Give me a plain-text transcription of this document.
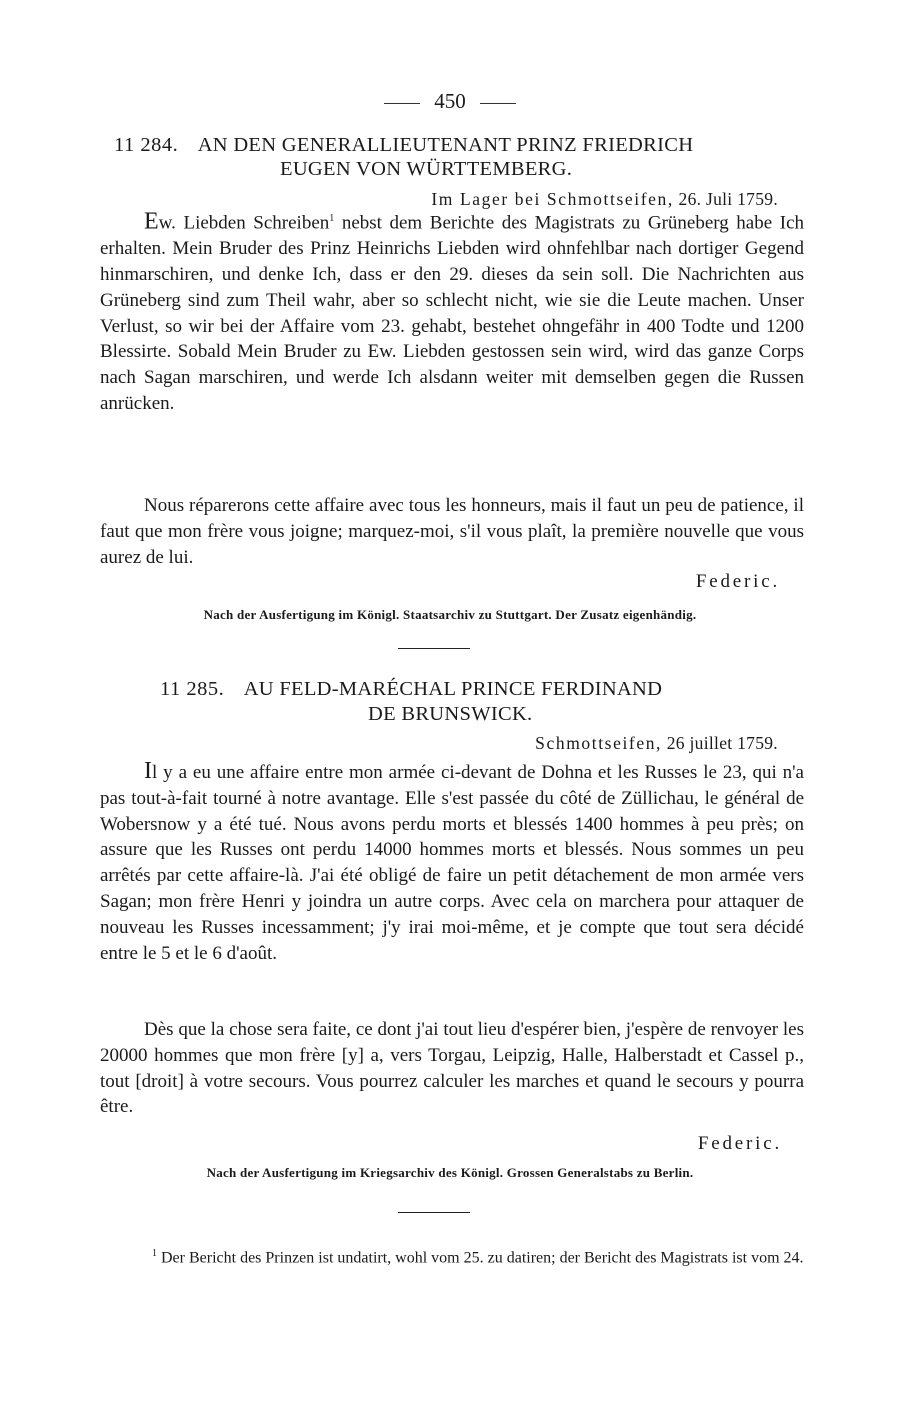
450
11 284. AN DEN GENERALLIEUTENANT PRINZ FRIEDRICH
EUGEN VON WÜRTTEMBERG.
Im Lager bei Schmottseifen, 26. Juli 1759.

Ew. Liebden Schreiben$^1$ nebst dem Berichte des Magistrats zu Grüneberg habe Ich erhalten. Mein Bruder des Prinz Heinrichs Liebden wird ohnfehlbar nach dortiger Gegend hinmarschiren, und denke Ich, dass er den 29. dieses da sein soll. Die Nachrichten aus Grüneberg sind zum Theil wahr, aber so schlecht nicht, wie sie die Leute machen. Unser Verlust, so wir bei der Affaire vom 23. gehabt, bestehet ohngefähr in 400 Todte und 1200 Blessirte. Sobald Mein Bruder zu Ew. Liebden gestossen sein wird, wird das ganze Corps nach Sagan marschiren, und werde Ich alsdann weiter mit demselben gegen die Russen anrücken.

Nous réparerons cette affaire avec tous les honneurs, mais il faut un peu de patience, il faut que mon frère vous joigne; marquez-moi, s'il vous plaît, la première nouvelle que vous aurez de lui.

Federic.
Nach der Ausfertigung im Königl. Staatsarchiv zu Stuttgart. Der Zusatz eigenhändig.
11 285. AU FELD-MARÉCHAL PRINCE FERDINAND
DE BRUNSWICK.
Schmottseifen, 26 juillet 1759.

Il y a eu une affaire entre mon armée ci-devant de Dohna et les Russes le 23, qui n'a pas tout-à-fait tourné à notre avantage. Elle s'est passée du côté de Züllichau, le général de Wobersnow y a été tué. Nous avons perdu morts et blessés 1400 hommes à peu près; on assure que les Russes ont perdu 14000 hommes morts et blessés. Nous sommes un peu arrêtés par cette affaire-là. J'ai été obligé de faire un petit détachement de mon armée vers Sagan; mon frère Henri y joindra un autre corps. Avec cela on marchera pour attaquer de nouveau les Russes incessamment; j'y irai moi-même, et je compte que tout sera décidé entre le 5 et le 6 d'août.

Dès que la chose sera faite, ce dont j'ai tout lieu d'espérer bien, j'espère de renvoyer les 20000 hommes que mon frère [y] a, vers Torgau, Leipzig, Halle, Halberstadt et Cassel p., tout [droit] à votre secours. Vous pourrez calculer les marches et quand le secours y pourra être.

Federic.
Nach der Ausfertigung im Kriegsarchiv des Königl. Grossen Generalstabs zu Berlin.

$^1$ Der Bericht des Prinzen ist undatirt, wohl vom 25. zu datiren; der Bericht des Magistrats ist vom 24.
